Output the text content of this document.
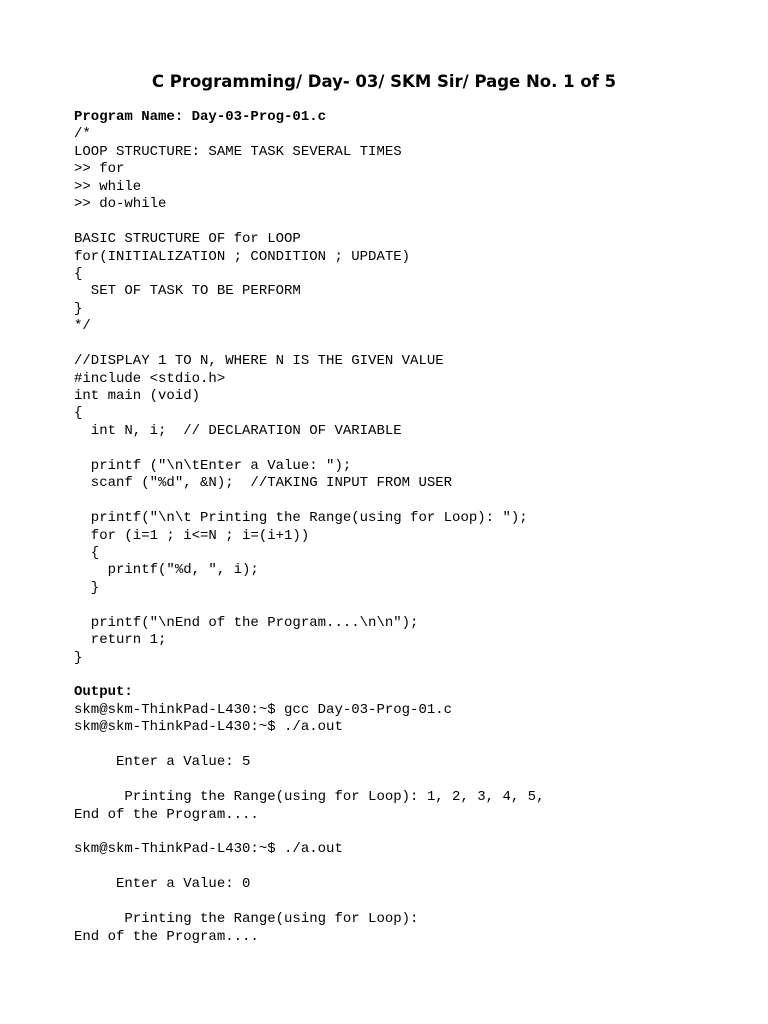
C Programming/ Day- 03/ SKM Sir/ Page No. 1 of 5
Program Name: Day-03-Prog-01.c
/*
LOOP STRUCTURE: SAME TASK SEVERAL TIMES
>> for
>> while
>> do-while
BASIC STRUCTURE OF for LOOP
for(INITIALIZATION ; CONDITION ; UPDATE)
{
SET OF TASK TO BE PERFORM
}
*/
//DISPLAY 1 TO N, WHERE N IS THE GIVEN VALUE
#include <stdio.h>
int main (void)
{
int N, i;  // DECLARATION OF VARIABLE
printf ("\n\tEnter a Value: ");
scanf ("%d", &N);  //TAKING INPUT FROM USER
printf("\n\t Printing the Range(using for Loop): ");
for (i=1 ; i<=N ; i=(i+1))
{
printf("%d, ", i);
}
printf("\nEnd of the Program....\n\n");
return 1;
}
Output:
skm@skm-ThinkPad-L430:~$ gcc Day-03-Prog-01.c
skm@skm-ThinkPad-L430:~$ ./a.out
Enter a Value: 5
Printing the Range(using for Loop): 1, 2, 3, 4, 5,
End of the Program....
skm@skm-ThinkPad-L430:~$ ./a.out
Enter a Value: 0
Printing the Range(using for Loop):
End of the Program....
